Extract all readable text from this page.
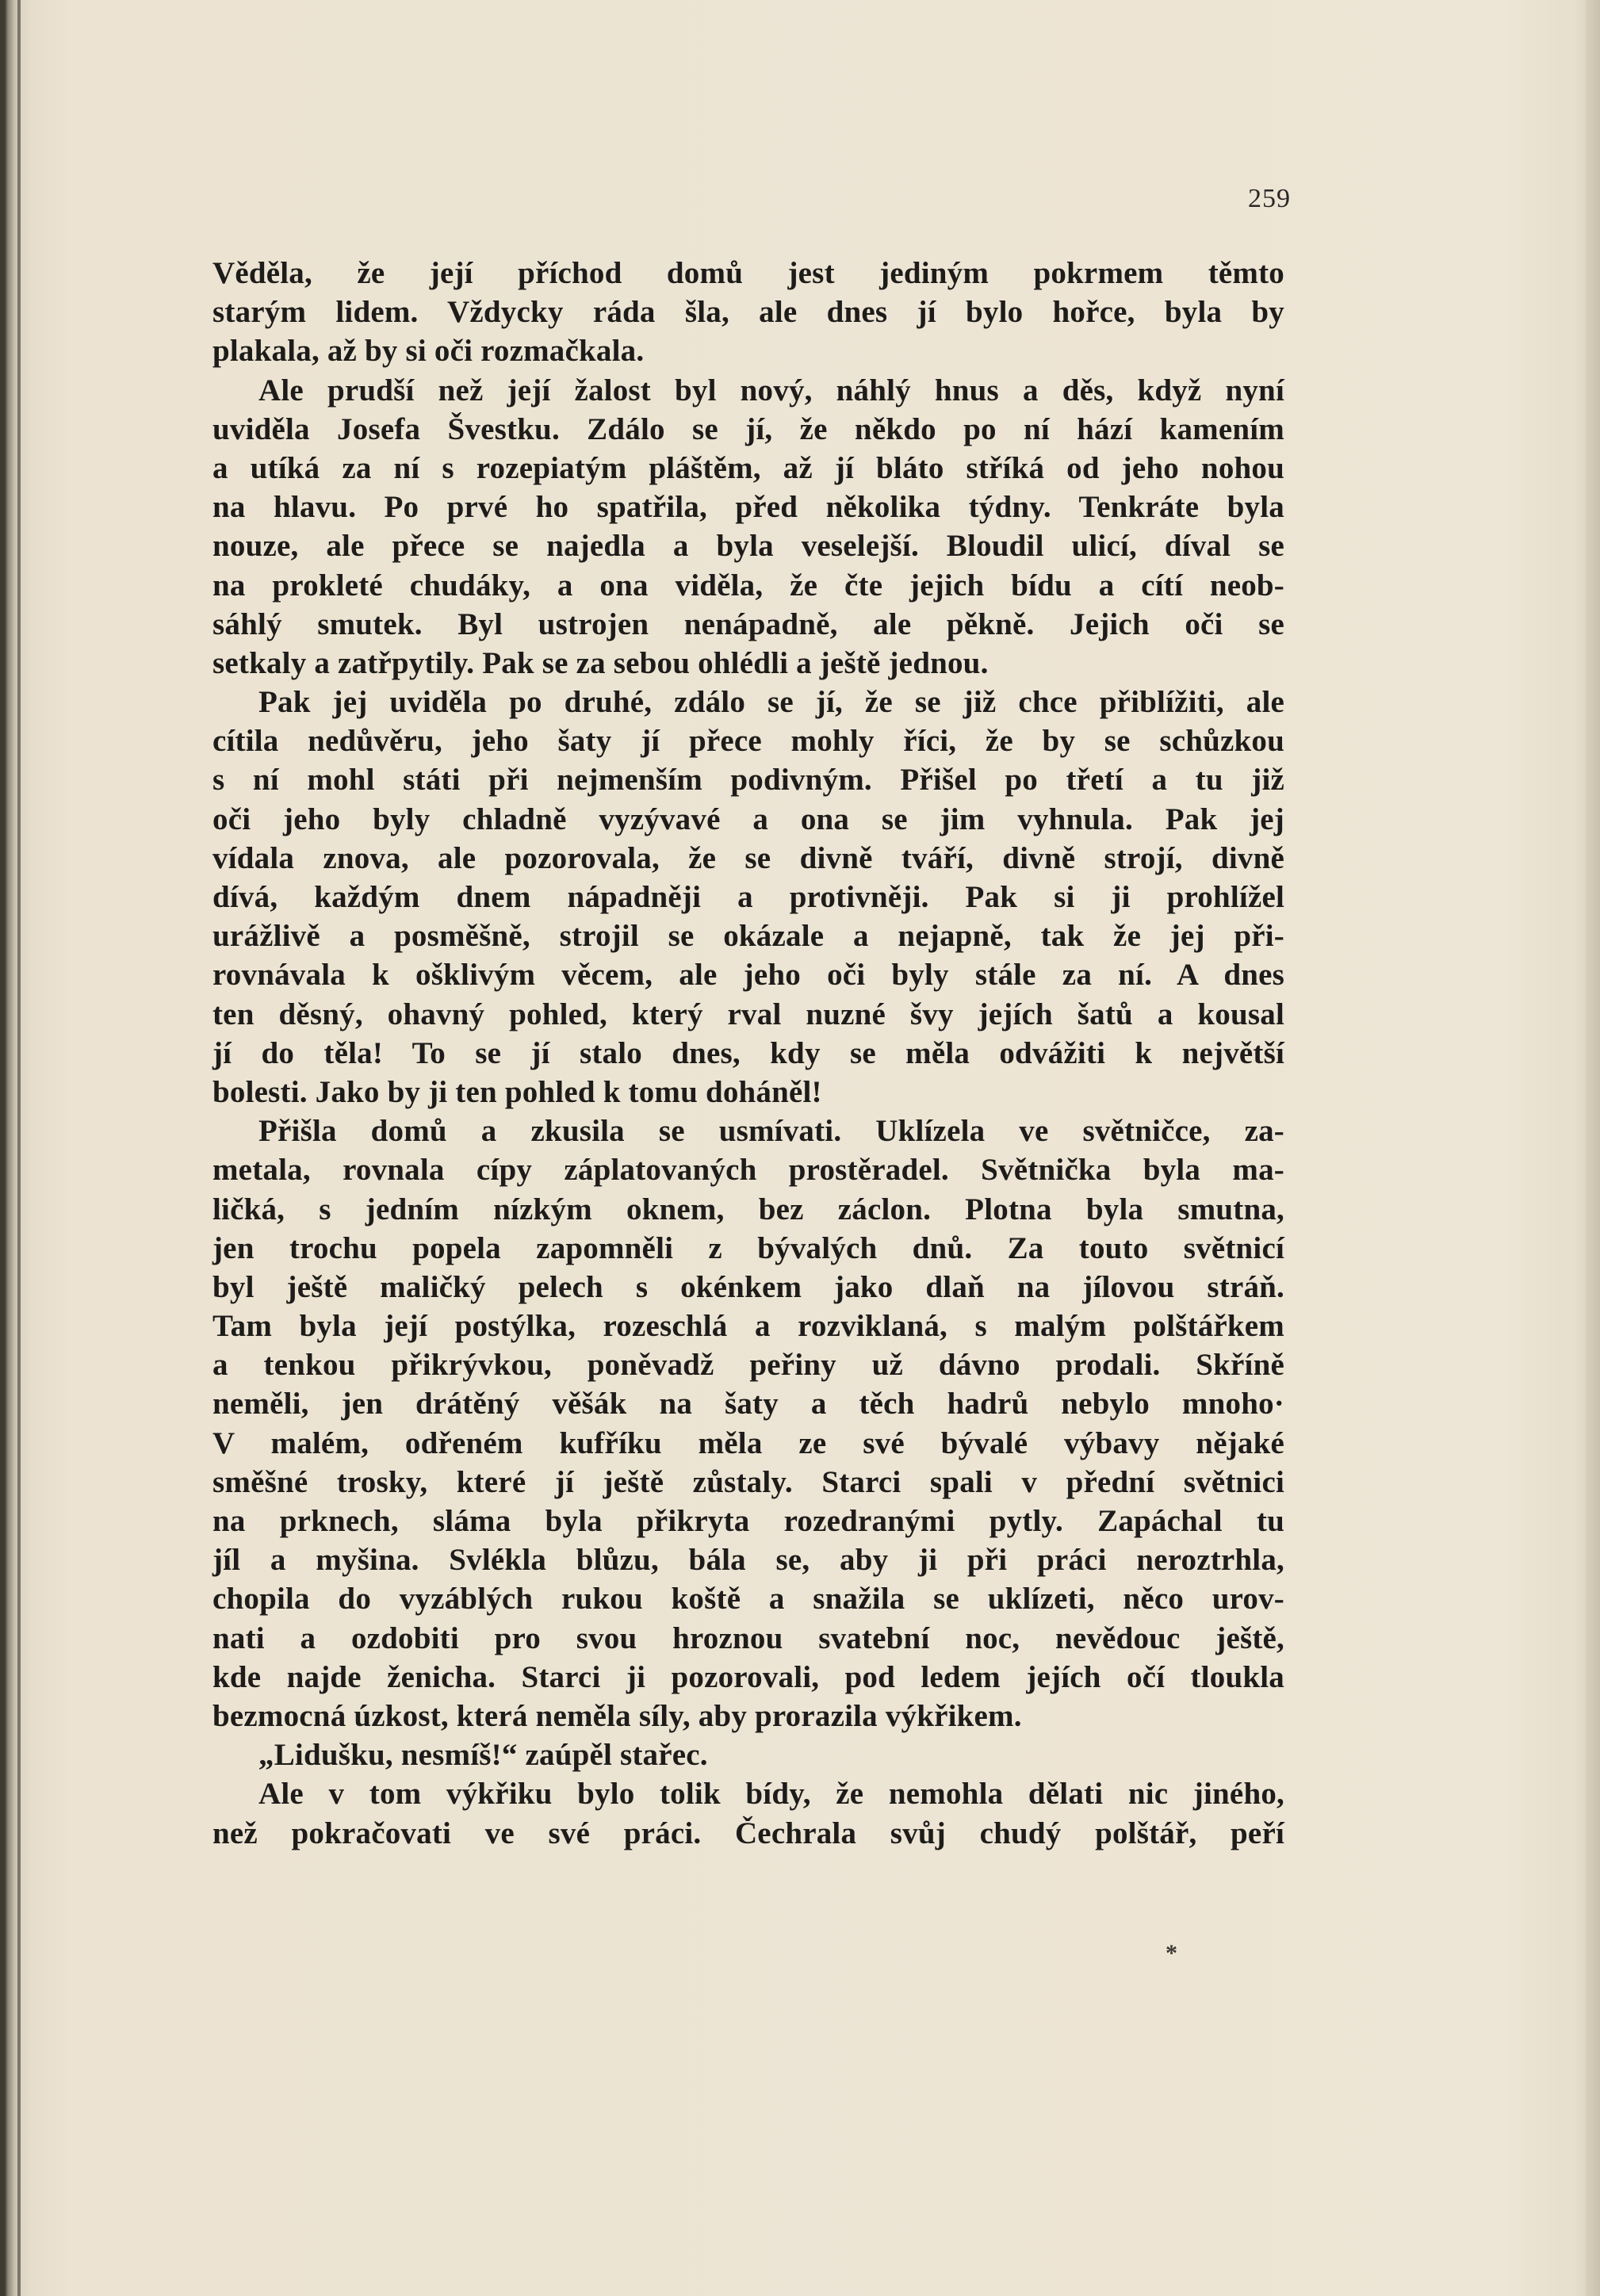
259
Věděla, že její příchod domů jest jediným pokrmem těmto
starým lidem. Vždycky ráda šla, ale dnes jí bylo hořce, byla by
plakala, až by si oči rozmačkala.
Ale prudší než její žalost byl nový, náhlý hnus a děs, když nyní
uviděla Josefa Švestku. Zdálo se jí, že někdo po ní hází kamením
a utíká za ní s rozepiatým pláštěm, až jí bláto stříká od jeho nohou
na hlavu. Po prvé ho spatřila, před několika týdny. Tenkráte byla
nouze, ale přece se najedla a byla veselejší. Bloudil ulicí, díval se
na prokleté chudáky, a ona viděla, že čte jejich bídu a cítí neob-
sáhlý smutek. Byl ustrojen nenápadně, ale pěkně. Jejich oči se
setkaly a zatřpytily. Pak se za sebou ohlédli a ještě jednou.
Pak jej uviděla po druhé, zdálo se jí, že se již chce přiblížiti, ale
cítila nedůvěru, jeho šaty jí přece mohly říci, že by se schůzkou
s ní mohl státi při nejmenším podivným. Přišel po třetí a tu již
oči jeho byly chladně vyzývavé a ona se jim vyhnula. Pak jej
vídala znova, ale pozorovala, že se divně tváří, divně strojí, divně
dívá, každým dnem nápadněji a protivněji. Pak si ji prohlížel
urážlivě a posměšně, strojil se okázale a nejapně, tak že jej při-
rovnávala k ošklivým věcem, ale jeho oči byly stále za ní. A dnes
ten děsný, ohavný pohled, který rval nuzné švy jejích šatů a kousal
jí do těla! To se jí stalo dnes, kdy se měla odvážiti k největší
bolesti. Jako by ji ten pohled k tomu doháněl!
Přišla domů a zkusila se usmívati. Uklízela ve světničce, za-
metala, rovnala cípy záplatovaných prostěradel. Světnička byla ma-
ličká, s jedním nízkým oknem, bez záclon. Plotna byla smutna,
jen trochu popela zapomněli z bývalých dnů. Za touto světnicí
byl ještě maličký pelech s okénkem jako dlaň na jílovou stráň.
Tam byla její postýlka, rozeschlá a rozviklaná, s malým polštářkem
a tenkou přikrývkou, poněvadž peřiny už dávno prodali. Skříně
neměli, jen drátěný věšák na šaty a těch hadrů nebylo mnoho·
V malém, odřeném kufříku měla ze své bývalé výbavy nějaké
směšné trosky, které jí ještě zůstaly. Starci spali v přední světnici
na prknech, sláma byla přikryta rozedranými pytly. Zapáchal tu
jíl a myšina. Svlékla blůzu, bála se, aby ji při práci neroztrhla,
chopila do vyzáblých rukou koště a snažila se uklízeti, něco urov-
nati a ozdobiti pro svou hroznou svatební noc, nevědouc ještě,
kde najde ženicha. Starci ji pozorovali, pod ledem jejích očí tloukla
bezmocná úzkost, která neměla síly, aby prorazila výkřikem.
„Lidušku, nesmíš!“ zaúpěl stařec.
Ale v tom výkřiku bylo tolik bídy, že nemohla dělati nic jiného,
než pokračovati ve své práci. Čechrala svůj chudý polštář, peří
*
